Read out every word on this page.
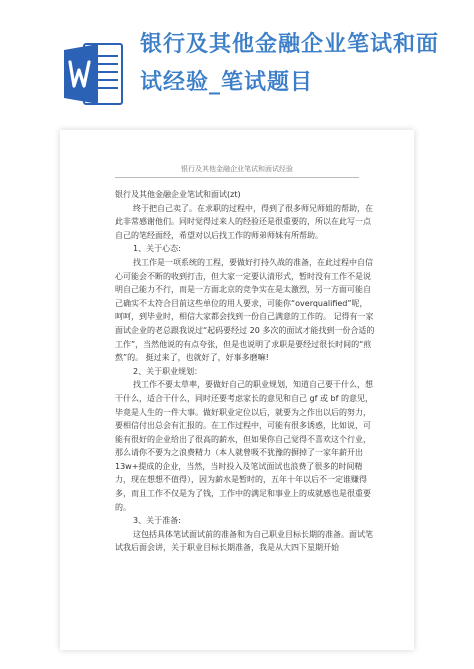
银行及其他金融企业笔试和面试经验_笔试题目
银行及其他金融企业笔试和面试经验

银行及其他金融企业笔试和面试(zt)

终于把自己卖了。在求职的过程中，得到了很多师兄师姐的帮助，在此非常感谢他们。同时觉得过来人的经验还是很重要的，所以在此写一点自己的笔经面经，希望对以后找工作的师弟师妹有所帮助。

1、关于心态:

找工作是一项系统的工程，要做好打持久战的准备，在此过程中自信心可能会不断的收到打击，但大家一定要认清形式，暂时没有工作不是说明自己能力不行，而是一方面北京的竞争实在是太激烈，另一方面可能自己确实不太符合目前这些单位的用人要求，可能你“overqualified”呢，呵呵，到毕业时，相信大家都会找到一份自己满意的工作的。 记得有一家面试企业的老总跟我说过“起码要经过 20 多次的面试才能找到一份合适的工作”，当然他说的有点夸张，但是也说明了求职是要经过很长时间的“煎熬”的。 挺过来了，也就好了，好事多磨嘛!

2、关于职业规划：

找工作不要太草率，要做好自己的职业规划，知道自己要干什么，想干什么，适合干什么，同时还要考虑家长的意见和自己 gf 或 bf 的意见，毕竟是人生的一件大事。做好职业定位以后，就要为之作出以后的努力，要相信付出总会有汇报的。在工作过程中，可能有很多诱惑，比如说，可能有很好的企业给出了很高的薪水，但如果你自己觉得不喜欢这个行业，那么请你不要为之浪费精力（本人就曾吸不犹豫的摒掉了一家年薪开出 13w+提成的企业，当然，当时投入及笔试面试也浪费了很多的时间精力，现在想想不值得），因为薪水是暂时的，五年十年以后不一定谁赚得多，而且工作不仅是为了钱，工作中的满足和事业上的成就感也是很重要的。

3、关于准备:

这包括具体笔试面试前的准备和为自己职业目标长期的准备。面试笔试我后面会讲，关于职业目标长期准备，我是从大四下星期开始
